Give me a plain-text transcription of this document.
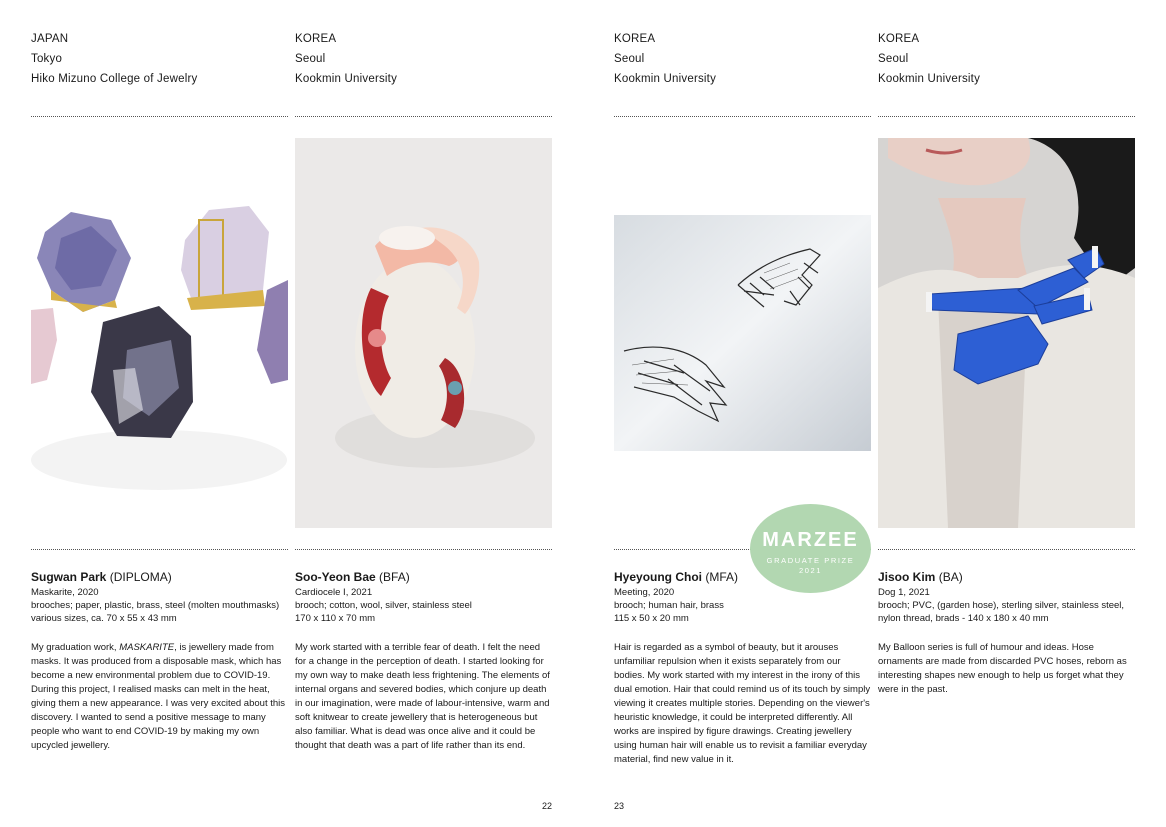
JAPAN
Tokyo
Hiko Mizuno College of Jewelry
Sugwan Park (DIPLOMA)
Maskarite, 2020
brooches; paper, plastic, brass, steel (molten mouthmasks)
various sizes, ca. 70 x 55 x 43 mm

My graduation work, MASKARITE, is jewellery made from masks. It was produced from a disposable mask, which has become a new environmental problem due to COVID-19. During this project, I realised masks can melt in the heat, giving them a new appearance. I was very excited about this discovery. I wanted to send a positive message to many people who want to end COVID-19 by making my own upcycled jewellery.

22
KOREA
Seoul
Kookmin University
Soo-Yeon Bae (BFA)
Cardiocele I, 2021
brooch; cotton, wool, silver, stainless steel
170 x 110 x 70 mm

My work started with a terrible fear of death. I felt the need for a change in the perception of death. I started looking for my own way to make death less frightening. The elements of internal organs and severed bodies, which conjure up death in our imagination, were made of labour-intensive, warm and soft knitwear to create jewellery that is heterogeneous but also familiar. What is dead was once alive and it could be thought that death was a part of life rather than its end.

KOREA
Seoul
Kookmin University
Hyeyoung Choi (MFA)
Meeting, 2020
brooch; human hair, brass
115 x 50 x 20 mm

Hair is regarded as a symbol of beauty, but it arouses unfamiliar repulsion when it exists separately from our bodies. My work started with my interest in the irony of this dual emotion. Hair that could remind us of its touch by simply viewing it creates multiple stories. Depending on the viewer's heuristic knowledge, it could be interpreted differently. All works are inspired by figure drawings. Creating jewellery using human hair will enable us to revisit a familiar everyday material, find new value in it.

23
KOREA
Seoul
Kookmin University
Jisoo Kim (BA)
Dog 1, 2021
brooch; PVC, (garden hose), sterling silver, stainless steel, nylon thread, brads - 140 x 180 x 40 mm

My Balloon series is full of humour and ideas. Hose ornaments are made from discarded PVC hoses, reborn as interesting shapes new enough to help us forget what they were in the past.

MARZEE
GRADUATE PRIZE
2021
